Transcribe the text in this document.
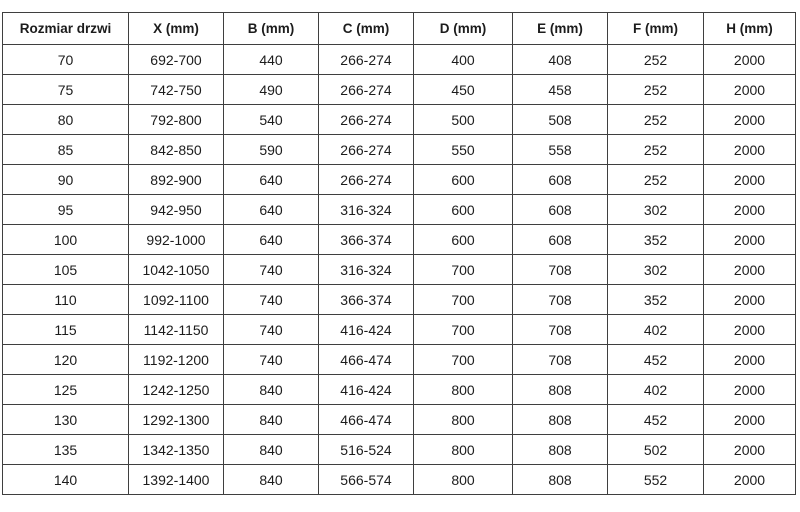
Rozmiar drzwi	X (mm)	B (mm)	C (mm)	D (mm)	E (mm)	F (mm)	H (mm)
70	692-700	440	266-274	400	408	252	2000
75	742-750	490	266-274	450	458	252	2000
80	792-800	540	266-274	500	508	252	2000
85	842-850	590	266-274	550	558	252	2000
90	892-900	640	266-274	600	608	252	2000
95	942-950	640	316-324	600	608	302	2000
100	992-1000	640	366-374	600	608	352	2000
105	1042-1050	740	316-324	700	708	302	2000
110	1092-1100	740	366-374	700	708	352	2000
115	1142-1150	740	416-424	700	708	402	2000
120	1192-1200	740	466-474	700	708	452	2000
125	1242-1250	840	416-424	800	808	402	2000
130	1292-1300	840	466-474	800	808	452	2000
135	1342-1350	840	516-524	800	808	502	2000
140	1392-1400	840	566-574	800	808	552	2000
